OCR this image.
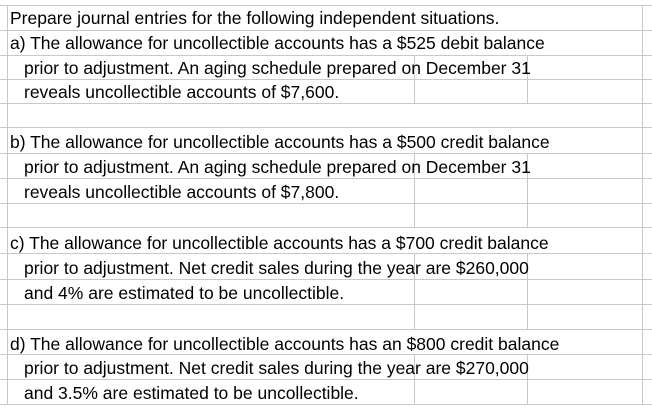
Prepare journal entries for the following independent situations.
a) The allowance for uncollectible accounts has a $525 debit balance
prior to adjustment. An aging schedule prepared on December 31
reveals uncollectible accounts of $7,600.
b) The allowance for uncollectible accounts has a $500 credit balance
prior to adjustment. An aging schedule prepared on December 31
reveals uncollectible accounts of $7,800.
c) The allowance for uncollectible accounts has a $700 credit balance
prior to adjustment. Net credit sales during the year are $260,000
and 4% are estimated to be uncollectible.
d) The allowance for uncollectible accounts has an $800 credit balance
prior to adjustment. Net credit sales during the year are $270,000
and 3.5% are estimated to be uncollectible.
